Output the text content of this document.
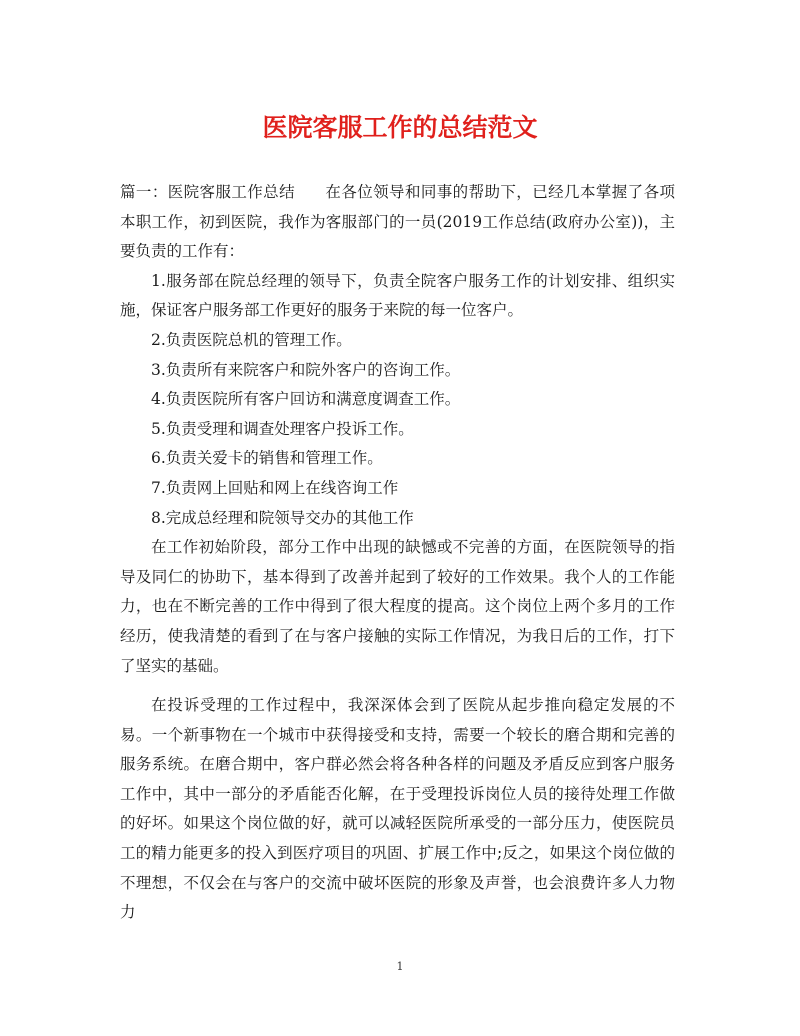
医院客服工作的总结范文

篇一：医院客服工作总结 在各位领导和同事的帮助下，已经几本掌握了各项本职工作，初到医院，我作为客服部门的一员(2019工作总结(政府办公室))，主要负责的工作有：

1.服务部在院总经理的领导下，负责全院客户服务工作的计划安排、组织实施，保证客户服务部工作更好的服务于来院的每一位客户。

2.负责医院总机的管理工作。

3.负责所有来院客户和院外客户的咨询工作。

4.负责医院所有客户回访和满意度调查工作。

5.负责受理和调查处理客户投诉工作。

6.负责关爱卡的销售和管理工作。

7.负责网上回贴和网上在线咨询工作

8.完成总经理和院领导交办的其他工作

在工作初始阶段，部分工作中出现的缺憾或不完善的方面，在医院领导的指导及同仁的协助下，基本得到了改善并起到了较好的工作效果。我个人的工作能力，也在不断完善的工作中得到了很大程度的提高。这个岗位上两个多月的工作经历，使我清楚的看到了在与客户接触的实际工作情况，为我日后的工作，打下了坚实的基础。

在投诉受理的工作过程中，我深深体会到了医院从起步推向稳定发展的不易。一个新事物在一个城市中获得接受和支持，需要一个较长的磨合期和完善的服务系统。在磨合期中，客户群必然会将各种各样的问题及矛盾反应到客户服务工作中，其中一部分的矛盾能否化解，在于受理投诉岗位人员的接待处理工作做的好坏。如果这个岗位做的好，就可以减轻医院所承受的一部分压力，使医院员工的精力能更多的投入到医疗项目的巩固、扩展工作中;反之，如果这个岗位做的不理想，不仅会在与客户的交流中破坏医院的形象及声誉，也会浪费许多人力物力

1
